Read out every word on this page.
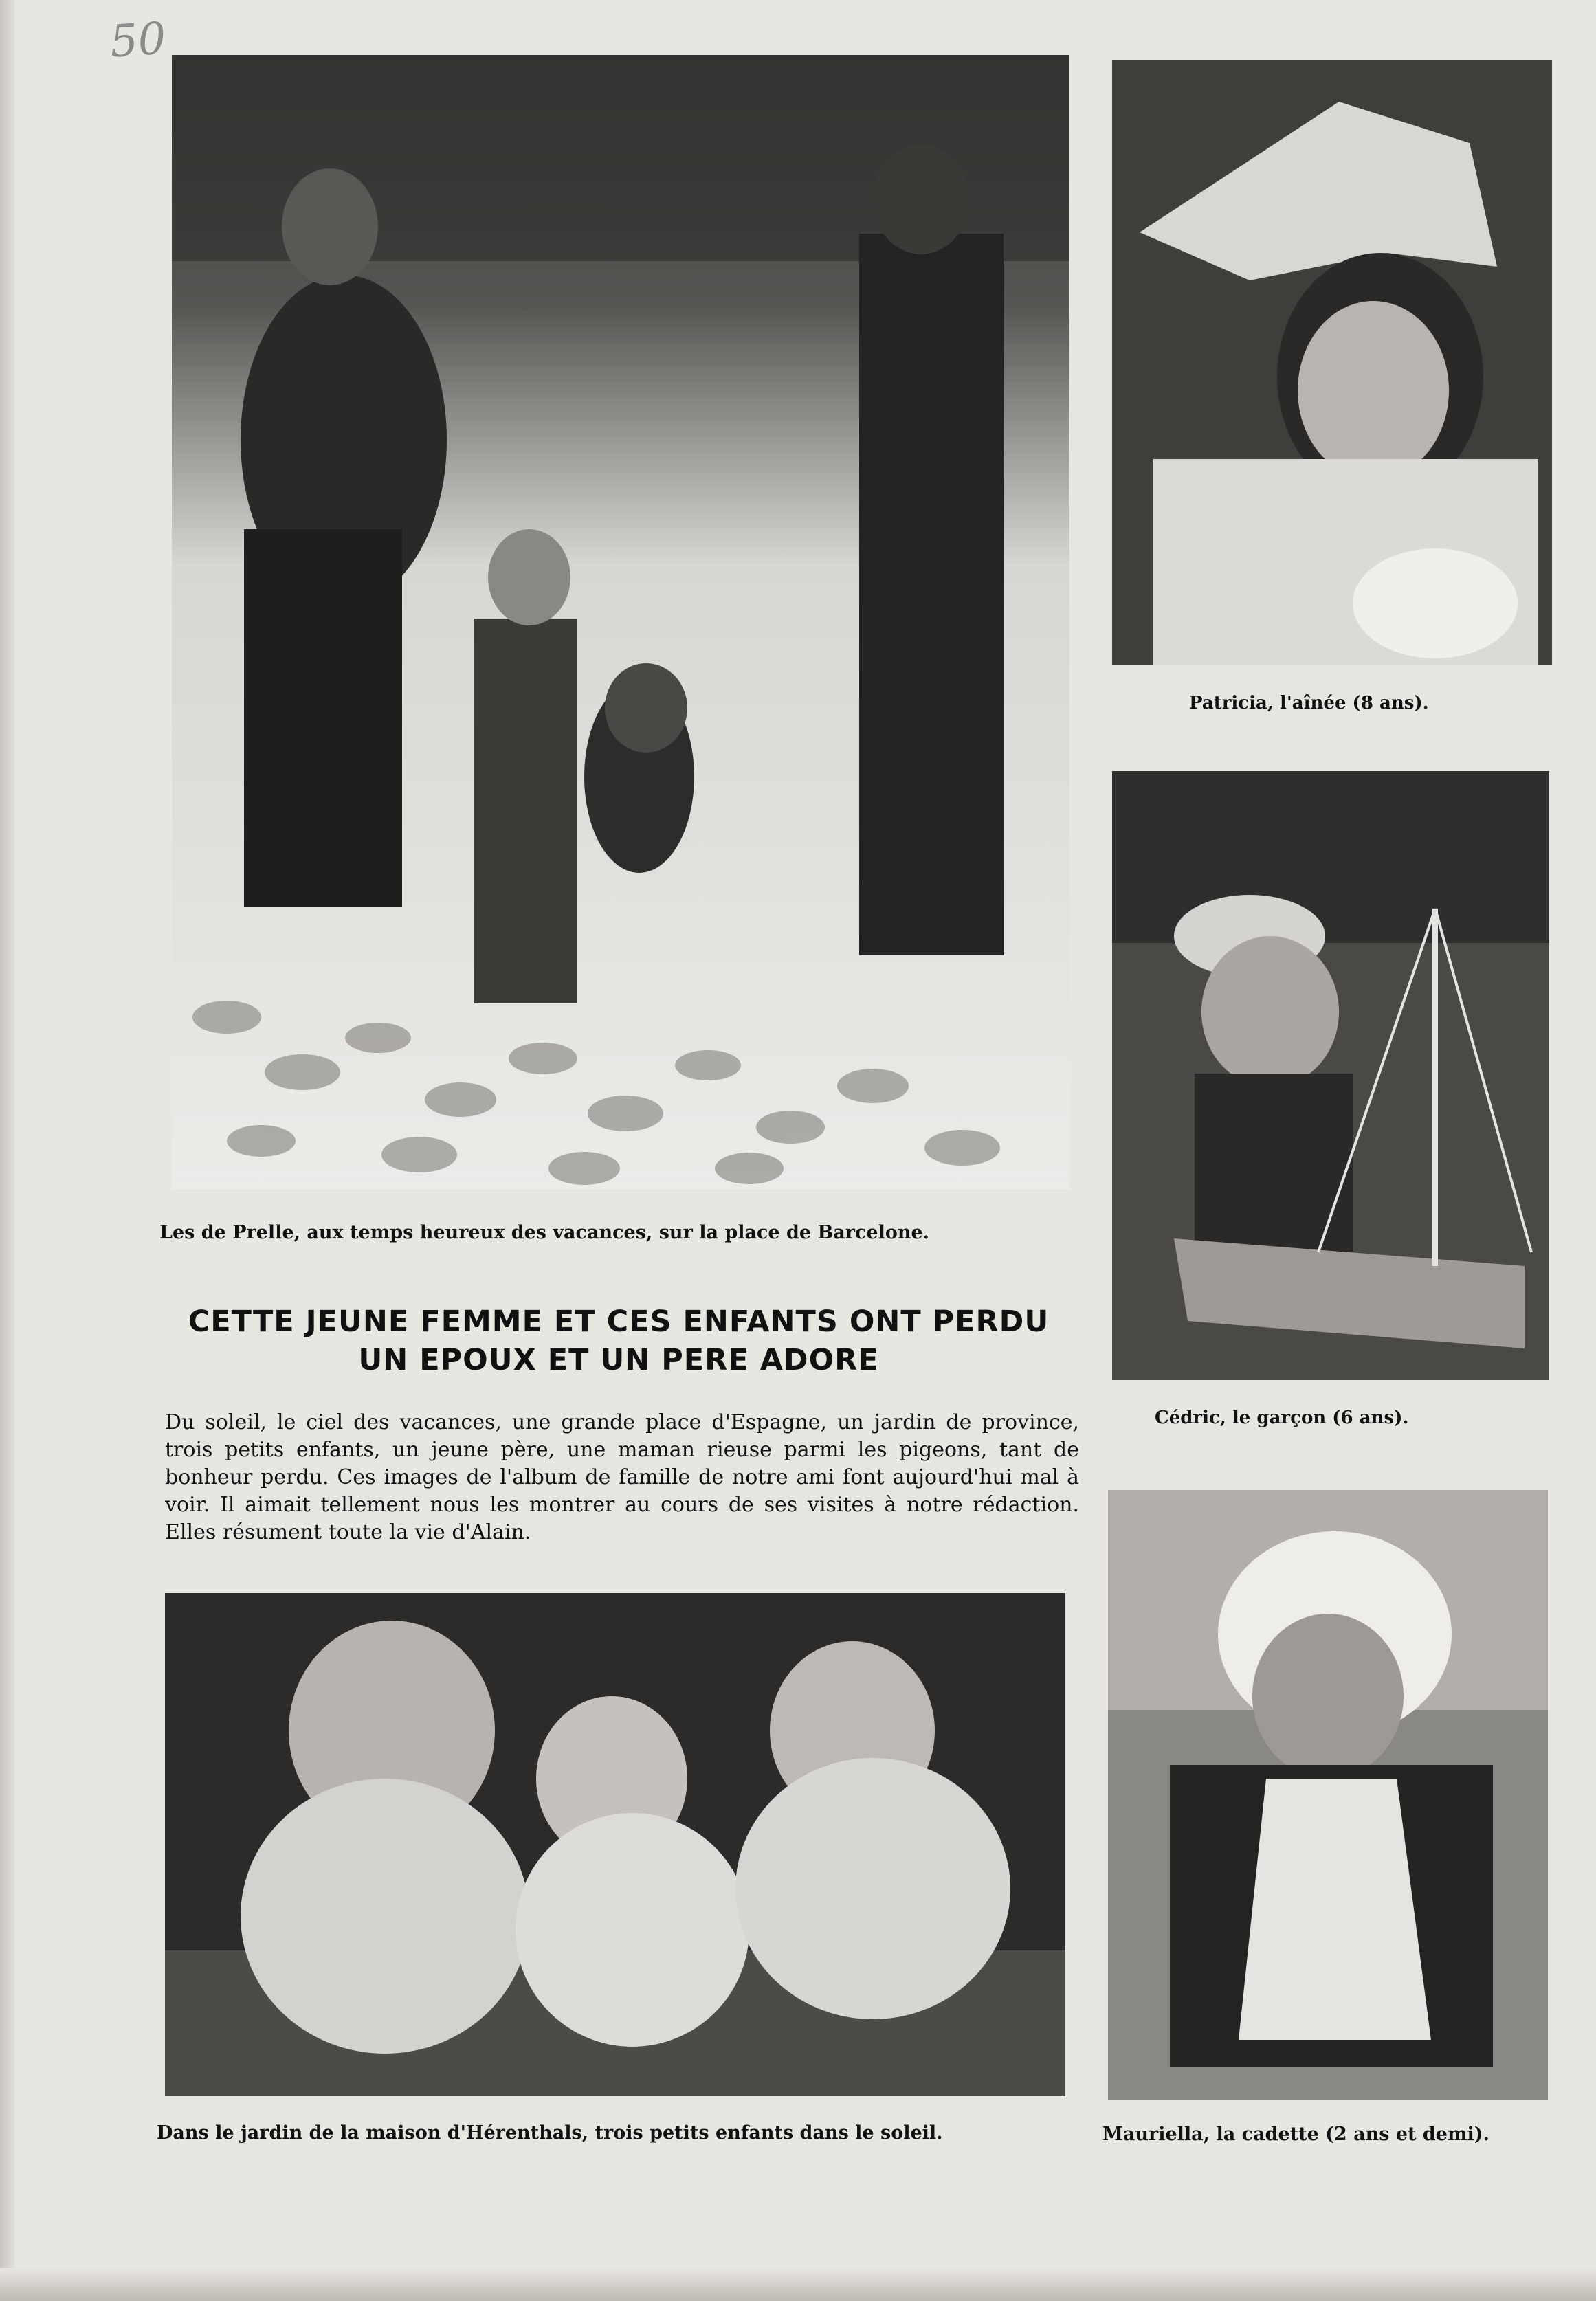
50
Les de Prelle, aux temps heureux des vacances, sur la place de Barcelone.
Patricia, l'aînée (8 ans).
Cédric, le garçon (6 ans).
Dans le jardin de la maison d'Hérenthals, trois petits enfants dans le soleil.	Mauriella, la cadette (2 ans et demi).
CETTE JEUNE FEMME ET CES ENFANTS ONT PERDU
UN EPOUX ET UN PERE ADORE
Du soleil, le ciel des vacances, une grande place d'Espagne, un jardin de province, trois petits enfants, un jeune père, une maman rieuse parmi les pigeons, tant de bonheur perdu. Ces images de l'album de famille de notre ami font aujourd'hui mal à voir. Il aimait tellement nous les montrer au cours de ses visites à notre rédaction. Elles résument toute la vie d'Alain.
